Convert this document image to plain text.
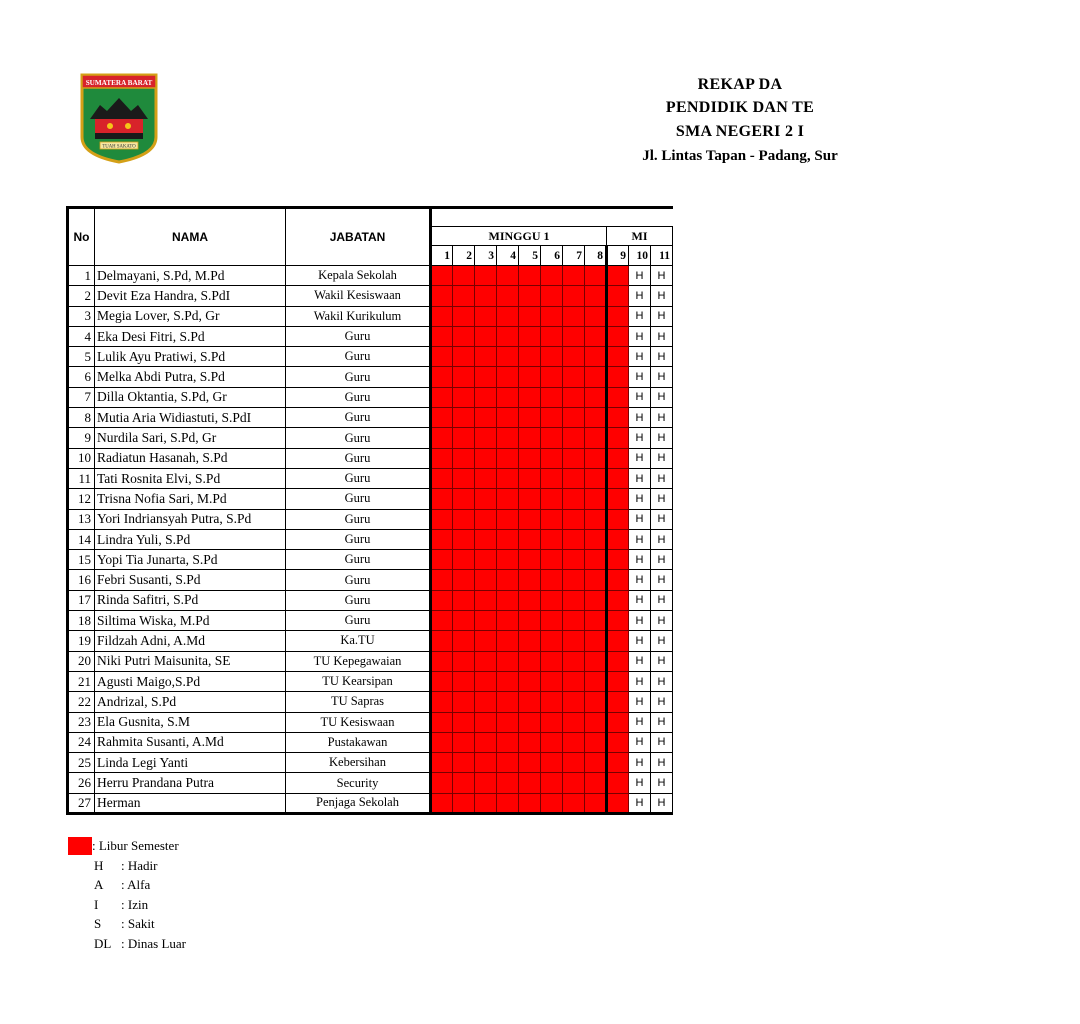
SUMATERA BARAT
TUAH SAKATO
REKAP DA
PENDIDIK DAN TE
SMA NEGERI 2 I
Jl. Lintas Tapan - Padang, Sur
No	NAMA	JABATAN											
			MINGGU 1								MI		
			1	2	3	4	5	6	7	8	9	10	11
1	Delmayani, S.Pd, M.Pd	Kepala Sekolah										H	H
2	Devit Eza Handra, S.PdI	Wakil Kesiswaan										H	H
3	Megia Lover, S.Pd, Gr	Wakil Kurikulum										H	H
4	Eka Desi Fitri, S.Pd	Guru										H	H
5	Lulik Ayu Pratiwi, S.Pd	Guru										H	H
6	Melka Abdi Putra, S.Pd	Guru										H	H
7	Dilla Oktantia, S.Pd, Gr	Guru										H	H
8	Mutia Aria Widiastuti, S.PdI	Guru										H	H
9	Nurdila Sari, S.Pd, Gr	Guru										H	H
10	Radiatun Hasanah, S.Pd	Guru										H	H
11	Tati Rosnita Elvi, S.Pd	Guru										H	H
12	Trisna Nofia Sari, M.Pd	Guru										H	H
13	Yori Indriansyah Putra, S.Pd	Guru										H	H
14	Lindra Yuli, S.Pd	Guru										H	H
15	Yopi Tia Junarta, S.Pd	Guru										H	H
16	Febri Susanti, S.Pd	Guru										H	H
17	Rinda Safitri, S.Pd	Guru										H	H
18	Siltima Wiska, M.Pd	Guru										H	H
19	Fildzah Adni, A.Md	Ka.TU										H	H
20	Niki Putri Maisunita, SE	TU Kepegawaian										H	H
21	Agusti Maigo,S.Pd	TU Kearsipan										H	H
22	Andrizal, S.Pd	TU Sapras										H	H
23	Ela Gusnita, S.M	TU Kesiswaan										H	H
24	Rahmita Susanti, A.Md	Pustakawan										H	H
25	Linda Legi Yanti	Kebersihan										H	H
26	Herru Prandana Putra	Security										H	H
27	Herman	Penjaga Sekolah										H	H
: Libur Semester
H : Hadir
A : Alfa
I : Izin
S : Sakit
DL : Dinas Luar
